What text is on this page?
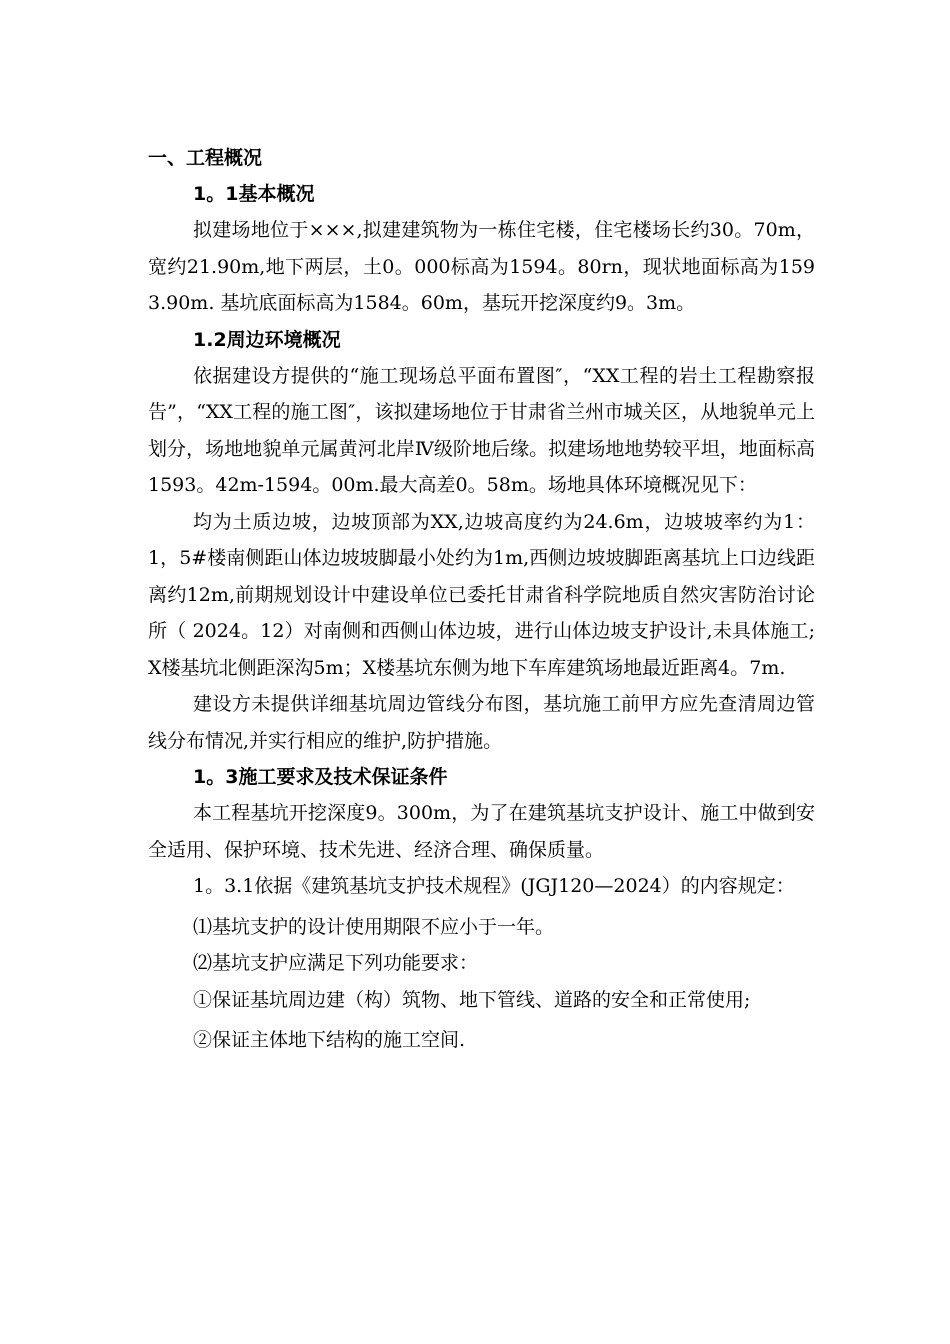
一、工程概况

1。1基本概况

拟建场地位于×××,拟建建筑物为一栋住宅楼，住宅楼场长约30。70m，宽约21.90m,地下两层，土0。000标高为1594。80rn，现状地面标高为1593.90m. 基坑底面标高为1584。60m，基玩开挖深度约9。3m。

1.2周边环境概况

依据建设方提供的“施工现场总平面布置图″，“XX工程的岩土工程勘察报告”，“XX工程的施工图″，该拟建场地位于甘肃省兰州市城关区，从地貌单元上划分，场地地貌单元属黄河北岸Ⅳ级阶地后缘。拟建场地地势较平坦，地面标高1593。42m-1594。00m.最大高差0。58m。场地具体环境概况见下：

均为土质边坡，边坡顶部为XX,边坡高度约为24.6m，边坡坡率约为1：1，5#楼南侧距山体边坡坡脚最小处约为1m,西侧边坡坡脚距离基坑上口边线距离约12m,前期规划设计中建设单位已委托甘肃省科学院地质自然灾害防治讨论所（ 2024。12）对南侧和西侧山体边坡，进行山体边坡支护设计,未具体施工;X楼基坑北侧距深沟5m；X楼基坑东侧为地下车库建筑场地最近距离4。7m.

建设方未提供详细基坑周边管线分布图，基坑施工前甲方应先查清周边管线分布情况,并实行相应的维护,防护措施。

1。3施工要求及技术保证条件

本工程基坑开挖深度9。300m，为了在建筑基坑支护设计、施工中做到安全适用、保护环境、技术先进、经济合理、确保质量。

1。3.1依据《建筑基坑支护技术规程》(JGJ120—2024）的内容规定：

⑴基坑支护的设计使用期限不应小于一年。

⑵基坑支护应满足下列功能要求：

①保证基坑周边建（构）筑物、地下管线、道路的安全和正常使用;

②保证主体地下结构的施工空间.
